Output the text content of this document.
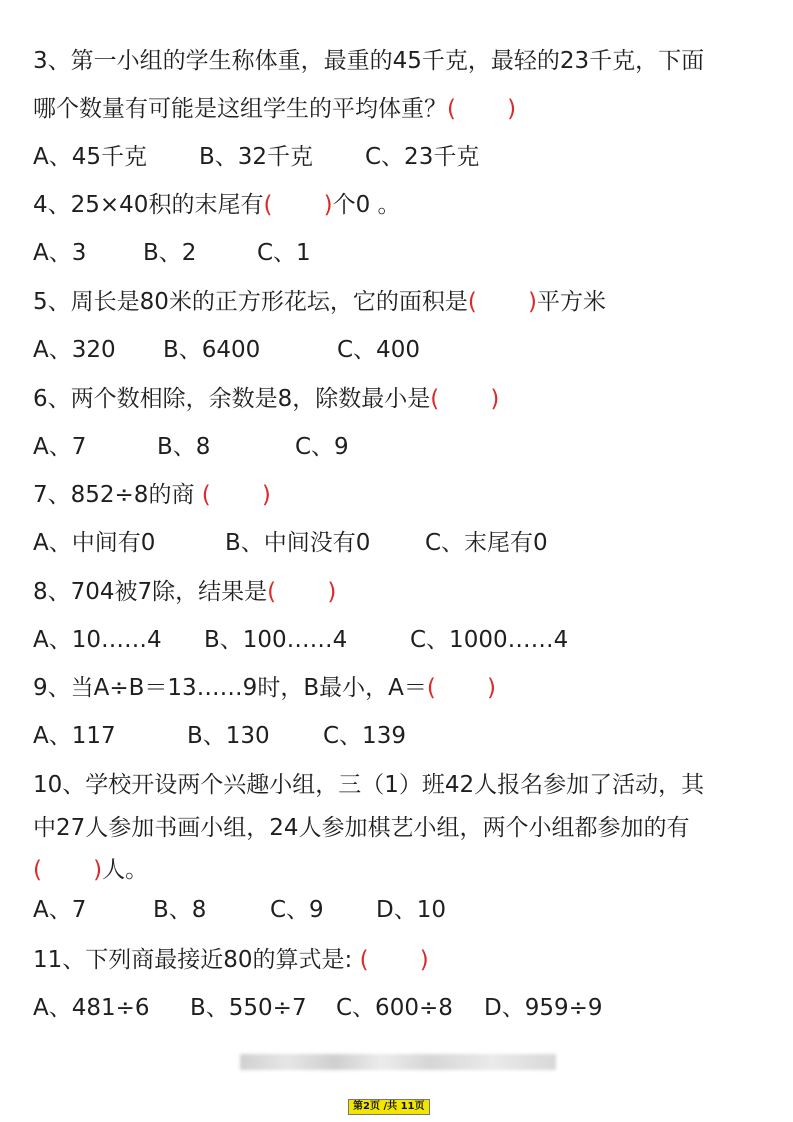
3、第一小组的学生称体重，最重的45千克，最轻的23千克，下面
哪个数量有可能是这组学生的平均体重？(       )
A、45千克 B、32千克 C、23千克
4、25×40积的末尾有(       )个0 。
A、3 B、2	C、1
5、周长是80米的正方形花坛，它的面积是(       )平方米
A、320 B、6400	C、400
6、两个数相除，余数是8，除数最小是(       )
A、7	B、8	C、9
7、852÷8的商 (       )
A、中间有0	B、中间没有0 C、末尾有0
8、704被7除，结果是(       )
A、10……4 B、100……4	C、1000……4
9、当A÷B＝13……9时，B最小，A＝(       )
A、117	B、130 C、139
10、学校开设两个兴趣小组，三（1）班42人报名参加了活动，其
中27人参加书画小组，24人参加棋艺小组，两个小组都参加的有
(       )人。
A、7	B、8	C、9 D、10
11、下列商最接近80的算式是: (       )
A、481÷6 B、550÷7 C、600÷8 D、959÷9
第2页 /共 11页
